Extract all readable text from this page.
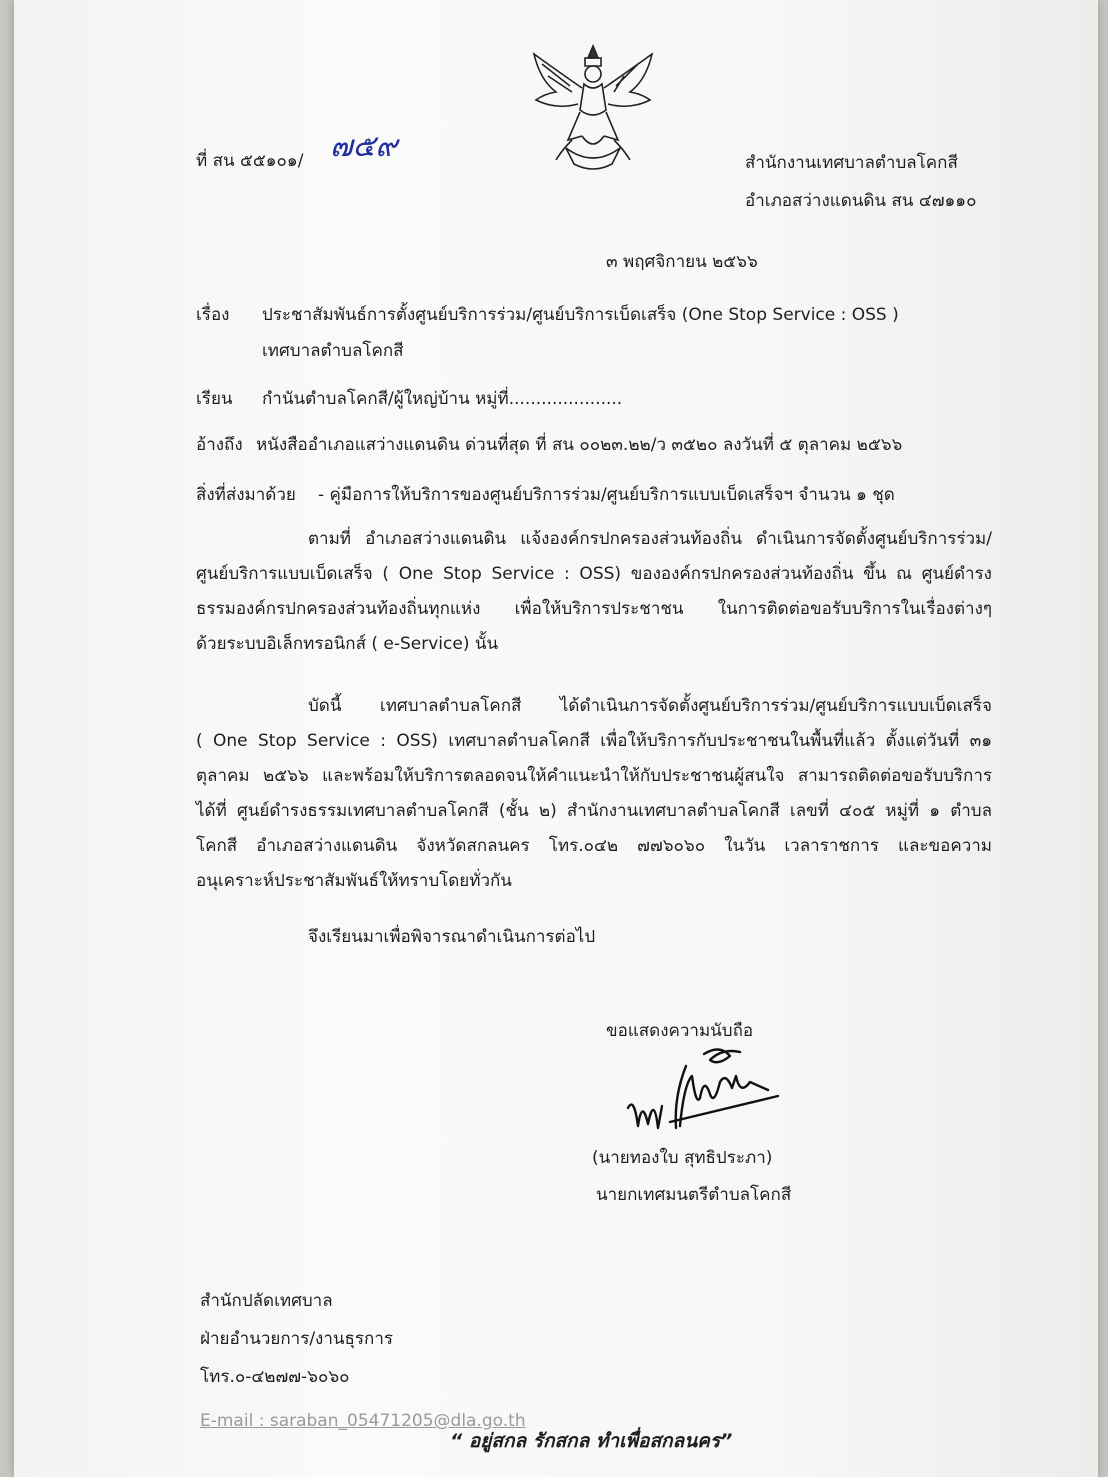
ที่ สน ๕๕๑๐๑/ ๗๕๙	สำนักงานเทศบาลตำบลโคกสี
อำเภอสว่างแดนดิน สน ๔๗๑๑๐
๓ พฤศจิกายน ๒๕๖๖
เรื่อง ประชาสัมพันธ์การตั้งศูนย์บริการร่วม/ศูนย์บริการเบ็ดเสร็จ (One Stop Service : OSS )
เทศบาลตำบลโคกสี
เรียน กำนันตำบลโคกสี/ผู้ใหญ่บ้าน หมู่ที่.....................
อ้างถึง หนังสืออำเภอแสว่างแดนดิน ด่วนที่สุด ที่ สน ๐๐๒๓.๒๒/ว ๓๕๒๐ ลงวันที่ ๕ ตุลาคม ๒๕๖๖
สิ่งที่ส่งมาด้วย - คู่มือการให้บริการของศูนย์บริการร่วม/ศูนย์บริการแบบเบ็ดเสร็จฯ จำนวน ๑ ชุด
ตามที่ อำเภอสว่างแดนดิน แจ้งองค์กรปกครองส่วนท้องถิ่น ดำเนินการจัดตั้งศูนย์บริการร่วม/
ศูนย์บริการแบบเบ็ดเสร็จ ( One Stop Service : OSS) ขององค์กรปกครองส่วนท้องถิ่น ขึ้น ณ ศูนย์ดำรง
ธรรมองค์กรปกครองส่วนท้องถิ่นทุกแห่ง เพื่อให้บริการประชาชน ในการติดต่อขอรับบริการในเรื่องต่างๆ
ด้วยระบบอิเล็กทรอนิกส์ ( e-Service) นั้น
บัดนี้ เทศบาลตำบลโคกสี ได้ดำเนินการจัดตั้งศูนย์บริการร่วม/ศูนย์บริการแบบเบ็ดเสร็จ
( One Stop Service : OSS) เทศบาลตำบลโคกสี เพื่อให้บริการกับประชาชนในพื้นที่แล้ว ตั้งแต่วันที่ ๓๑
ตุลาคม ๒๕๖๖ และพร้อมให้บริการตลอดจนให้คำแนะนำให้กับประชาชนผู้สนใจ สามารถติดต่อขอรับบริการ
ได้ที่ ศูนย์ดำรงธรรมเทศบาลตำบลโคกสี (ชั้น ๒) สำนักงานเทศบาลตำบลโคกสี เลขที่ ๔๐๕ หมู่ที่ ๑ ตำบล
โคกสี อำเภอสว่างแดนดิน จังหวัดสกลนคร โทร.๐๔๒ ๗๗๖๐๖๐ ในวัน เวลาราชการ และขอความ
อนุเคราะห์ประชาสัมพันธ์ให้ทราบโดยทั่วกัน
จึงเรียนมาเพื่อพิจารณาดำเนินการต่อไป
ขอแสดงความนับถือ
(นายทองใบ สุทธิประภา)
นายกเทศมนตรีตำบลโคกสี
สำนักปลัดเทศบาล
ฝ่ายอำนวยการ/งานธุรการ
โทร.๐-๔๒๗๗-๖๐๖๐
E-mail : saraban_05471205@dla.go.th
“ อยู่สกล รักสกล ทำเพื่อสกลนคร”
